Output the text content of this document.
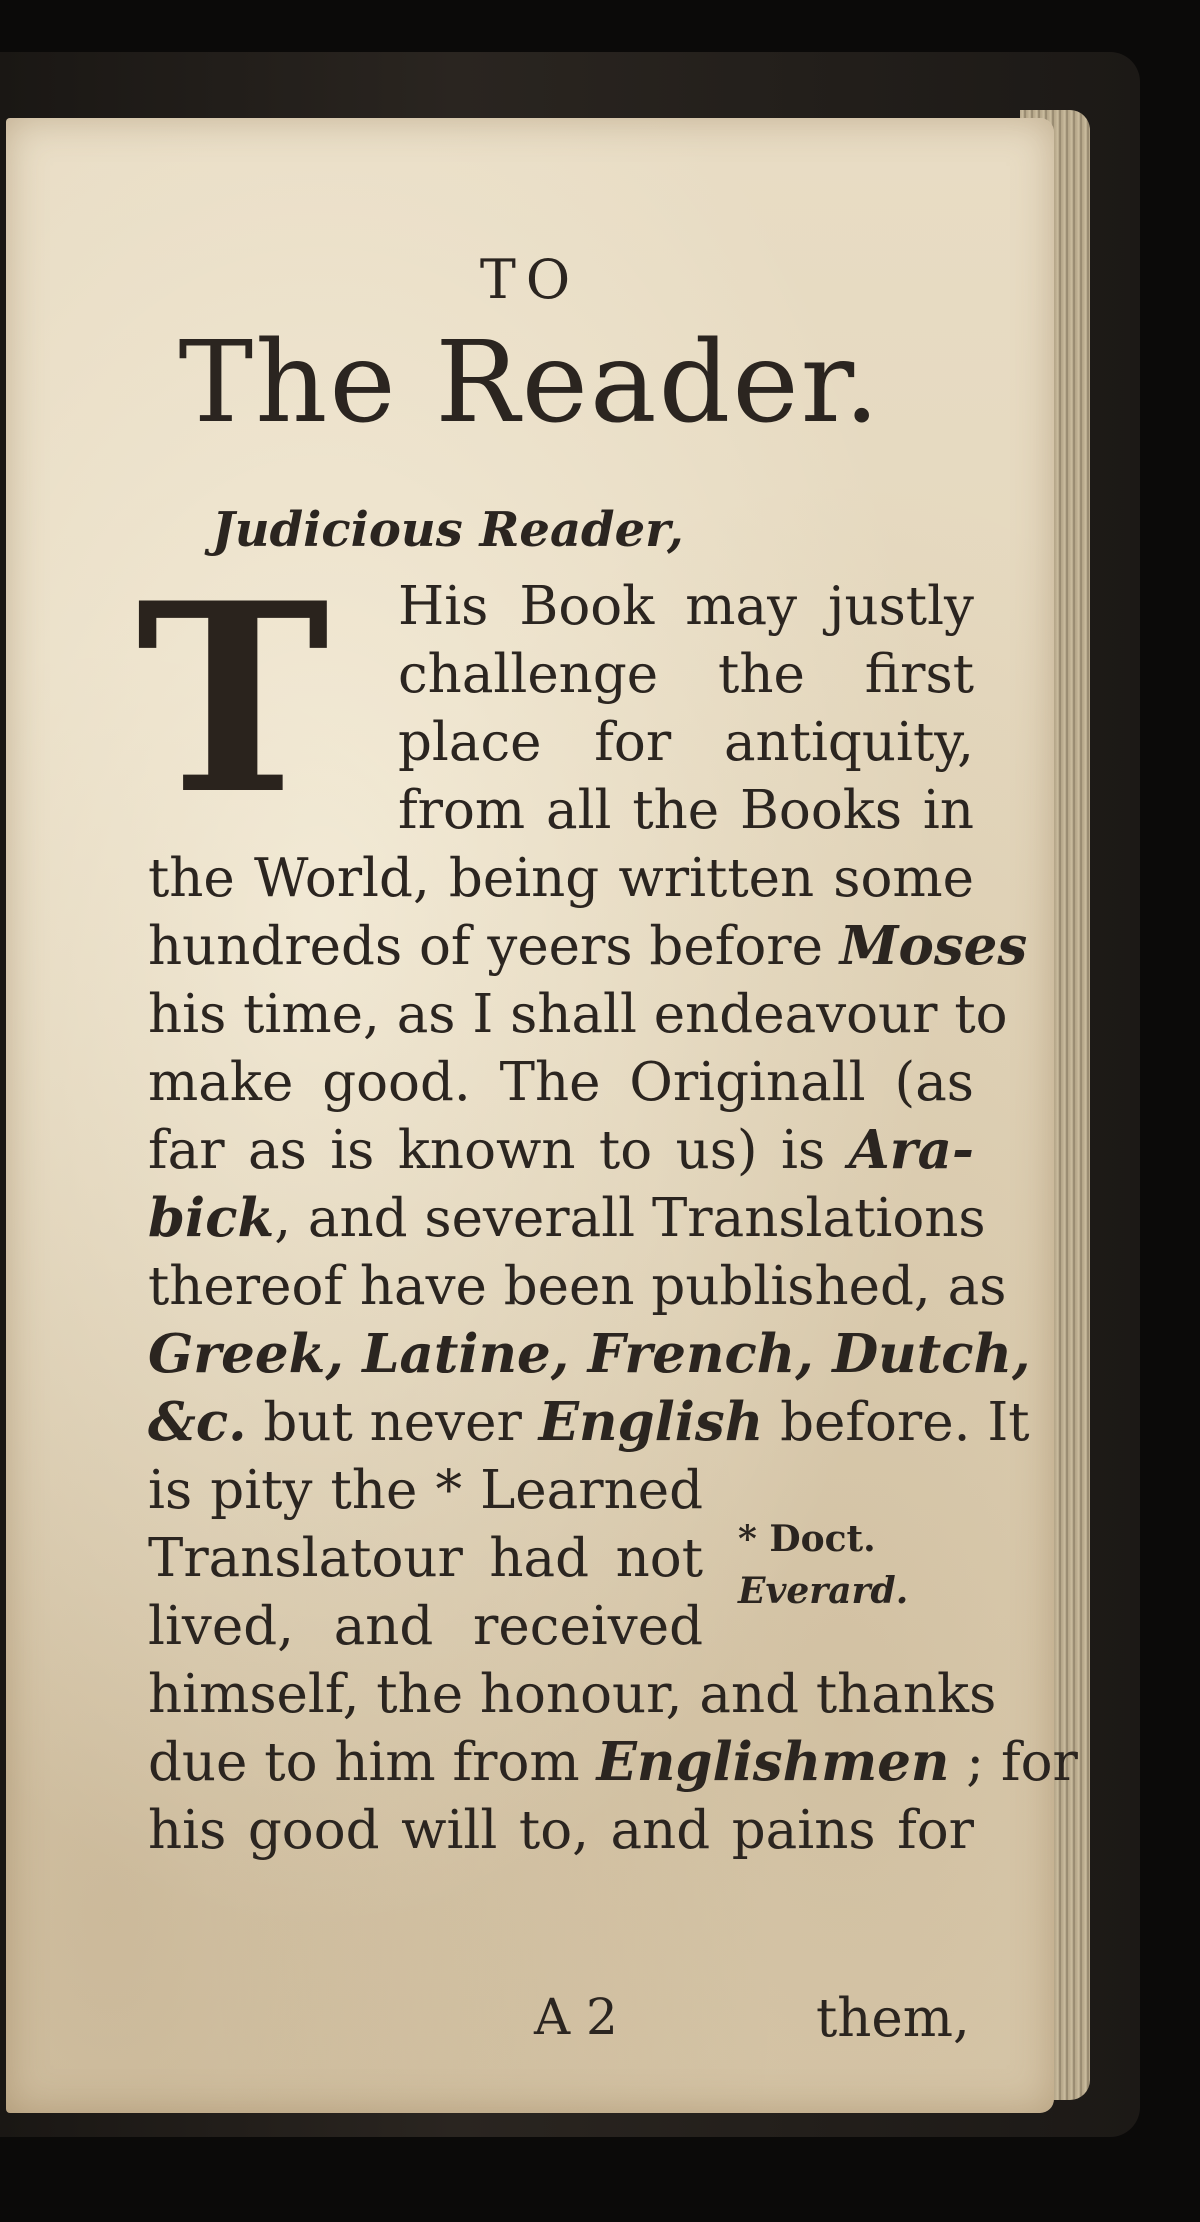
TO
The Reader.
Judicious Reader,
T His Book may justly
challenge the first
place for antiquity,
from all the Books in
the World, being written some
hundreds of yeers before Moses
his time, as I shall endeavour to
make good. The Originall (as
far as is known to us) is Ara-
bick, and severall Translations
thereof have been published, as
Greek, Latine, French, Dutch,
&c. but never English before. It
is pity the * Learned
Translatour had not
lived, and received
* Doct.
Everard.
himself, the honour, and thanks
due to him from Englishmen ; for
his good will to, and pains for
A 2	them,
